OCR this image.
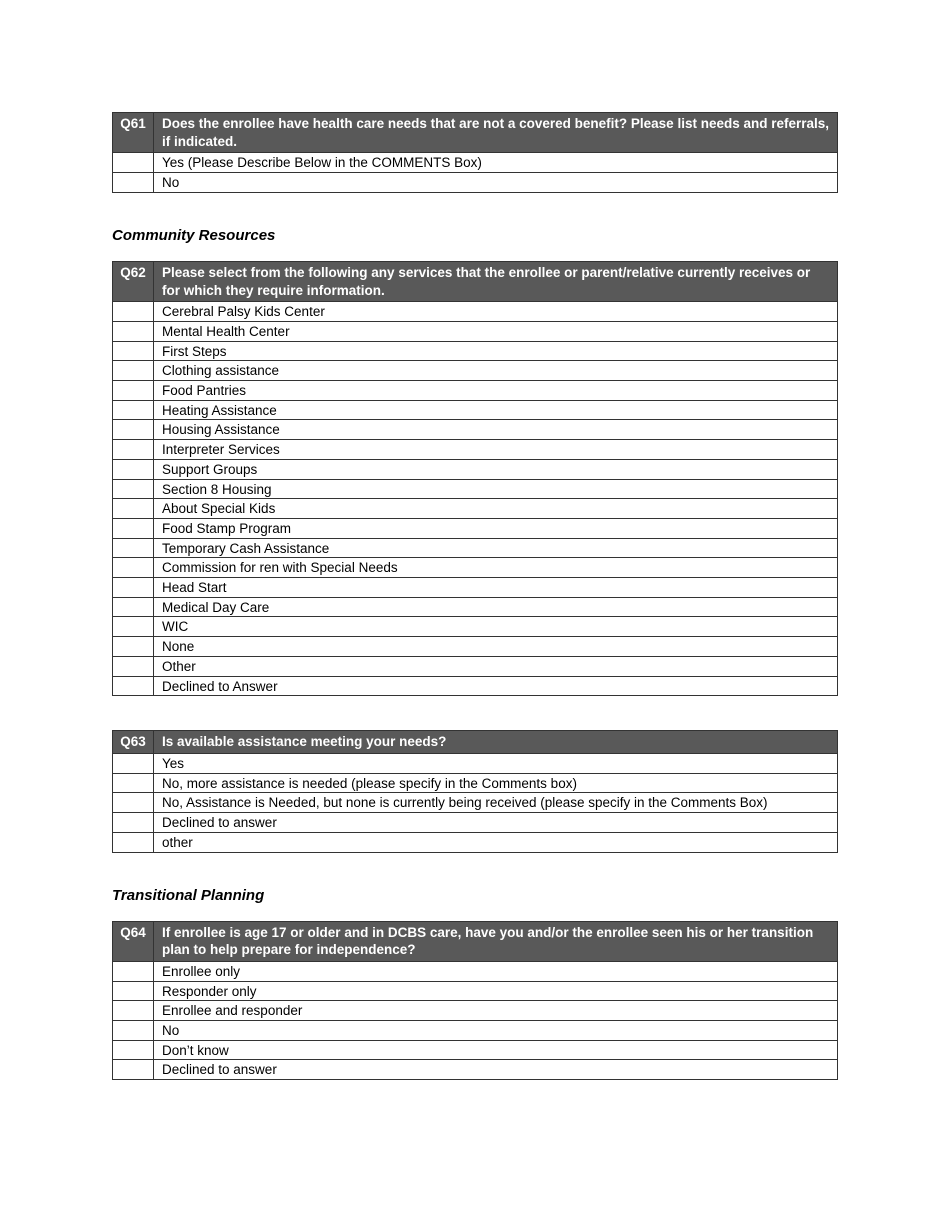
Q61	Does the enrollee have health care needs that are not a covered benefit? Please list needs and referrals, if indicated.
	Yes (Please Describe Below in the COMMENTS Box)
	No

Community Resources

Q62	Please select from the following any services that the enrollee or parent/relative currently receives or for which they require information.
	Cerebral Palsy Kids Center
	Mental Health Center
	First Steps
	Clothing assistance
	Food Pantries
	Heating Assistance
	Housing Assistance
	Interpreter Services
	Support Groups
	Section 8 Housing
	About Special Kids
	Food Stamp Program
	Temporary Cash Assistance
	Commission for ren with Special Needs
	Head Start
	Medical Day Care
	WIC
	None
	Other
	Declined to Answer
Q63	Is available assistance meeting your needs?
	Yes
	No, more assistance is needed (please specify in the Comments box)
	No, Assistance is Needed, but none is currently being received (please specify in the Comments Box)
	Declined to answer
	other

Transitional Planning

Q64	If enrollee is age 17 or older and in DCBS care, have you and/or the enrollee seen his or her transition plan to help prepare for independence?
	Enrollee only
	Responder only
	Enrollee and responder
	No
	Don’t know
	Declined to answer
